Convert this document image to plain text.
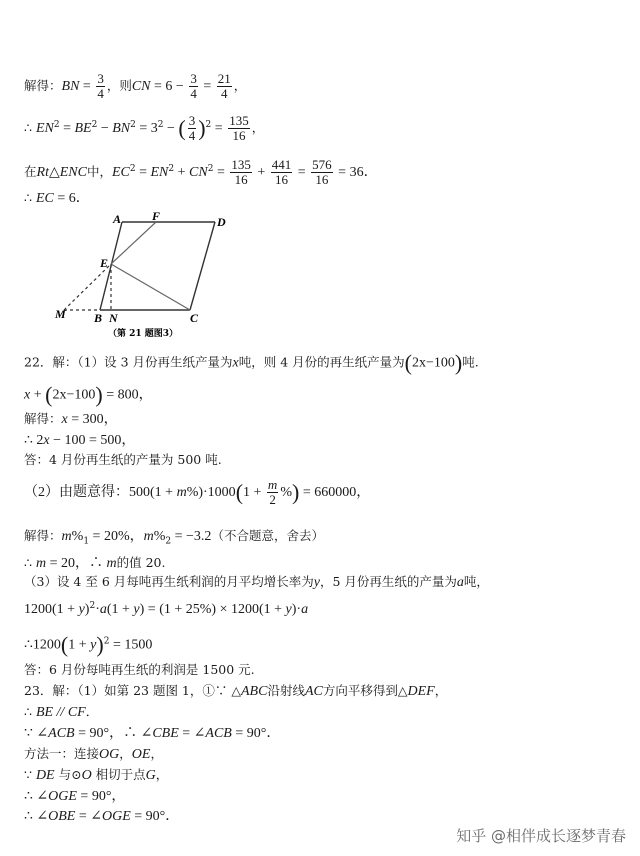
解得：BN = $\frac{3}{4}$ ，则CN = $6 - \frac{3}{4} = \frac{21}{4}$ ，
∴ $EN^2 = BE^2 - BN^2 = 3^2$ − ( $\frac{3}{4} )^2 = \frac{135}{16}$ ，
在Rt△ENC中，$EC^2 = EN^2 + CN^2 = \frac{135}{16} + \frac{441}{16} = \frac{576}{16} = 36$．
∴ EC = 6．
A	F	D
E
M B N	C
（第 21 题图3）
22．解：（1）设 3 月份再生纸产量为x吨，则 4 月份的再生纸产量为(2x−100)吨.
x + (2x−100) = 800，
解得：x = 300，
∴ 2x − 100 = 500，
答：4 月份再生纸的产量为 500 吨.
（2）由题意得：$500(1 + m\%)\cdot 1000(1 + \frac{m}{2}$ %) = 660000，
解得：$m\%_1 = 20\%$，$m\%_2 = -3.2$（不合题意，舍去）
∴ m = 20，∴ m的值 20.
（3）设 4 至 6 月每吨再生纸利润的月平均增长率为y，5 月份再生纸的产量为a吨，
$1200(1 + y)^2\cdot a(1 + y) = (1 + 25\%) \times 1200(1 + y)\cdot a$
∴1200(1 + y)$^2$ = 1500
答：6 月份每吨再生纸的利润是 1500 元.
23．解：（1）如第 23 题图 1，①∵ △ABC沿射线AC方向平移得到△DEF，
∴ BE // CF．
∵ ∠ACB = 90°，∴ ∠CBE = ∠ACB = 90°．
方法一：连接OG，OE，
∵ DE 与⊙O 相切于点G，
∴ ∠OGE = 90°，
∴ ∠OBE = ∠OGE = 90°．
知乎 @相伴成长逐梦青春
